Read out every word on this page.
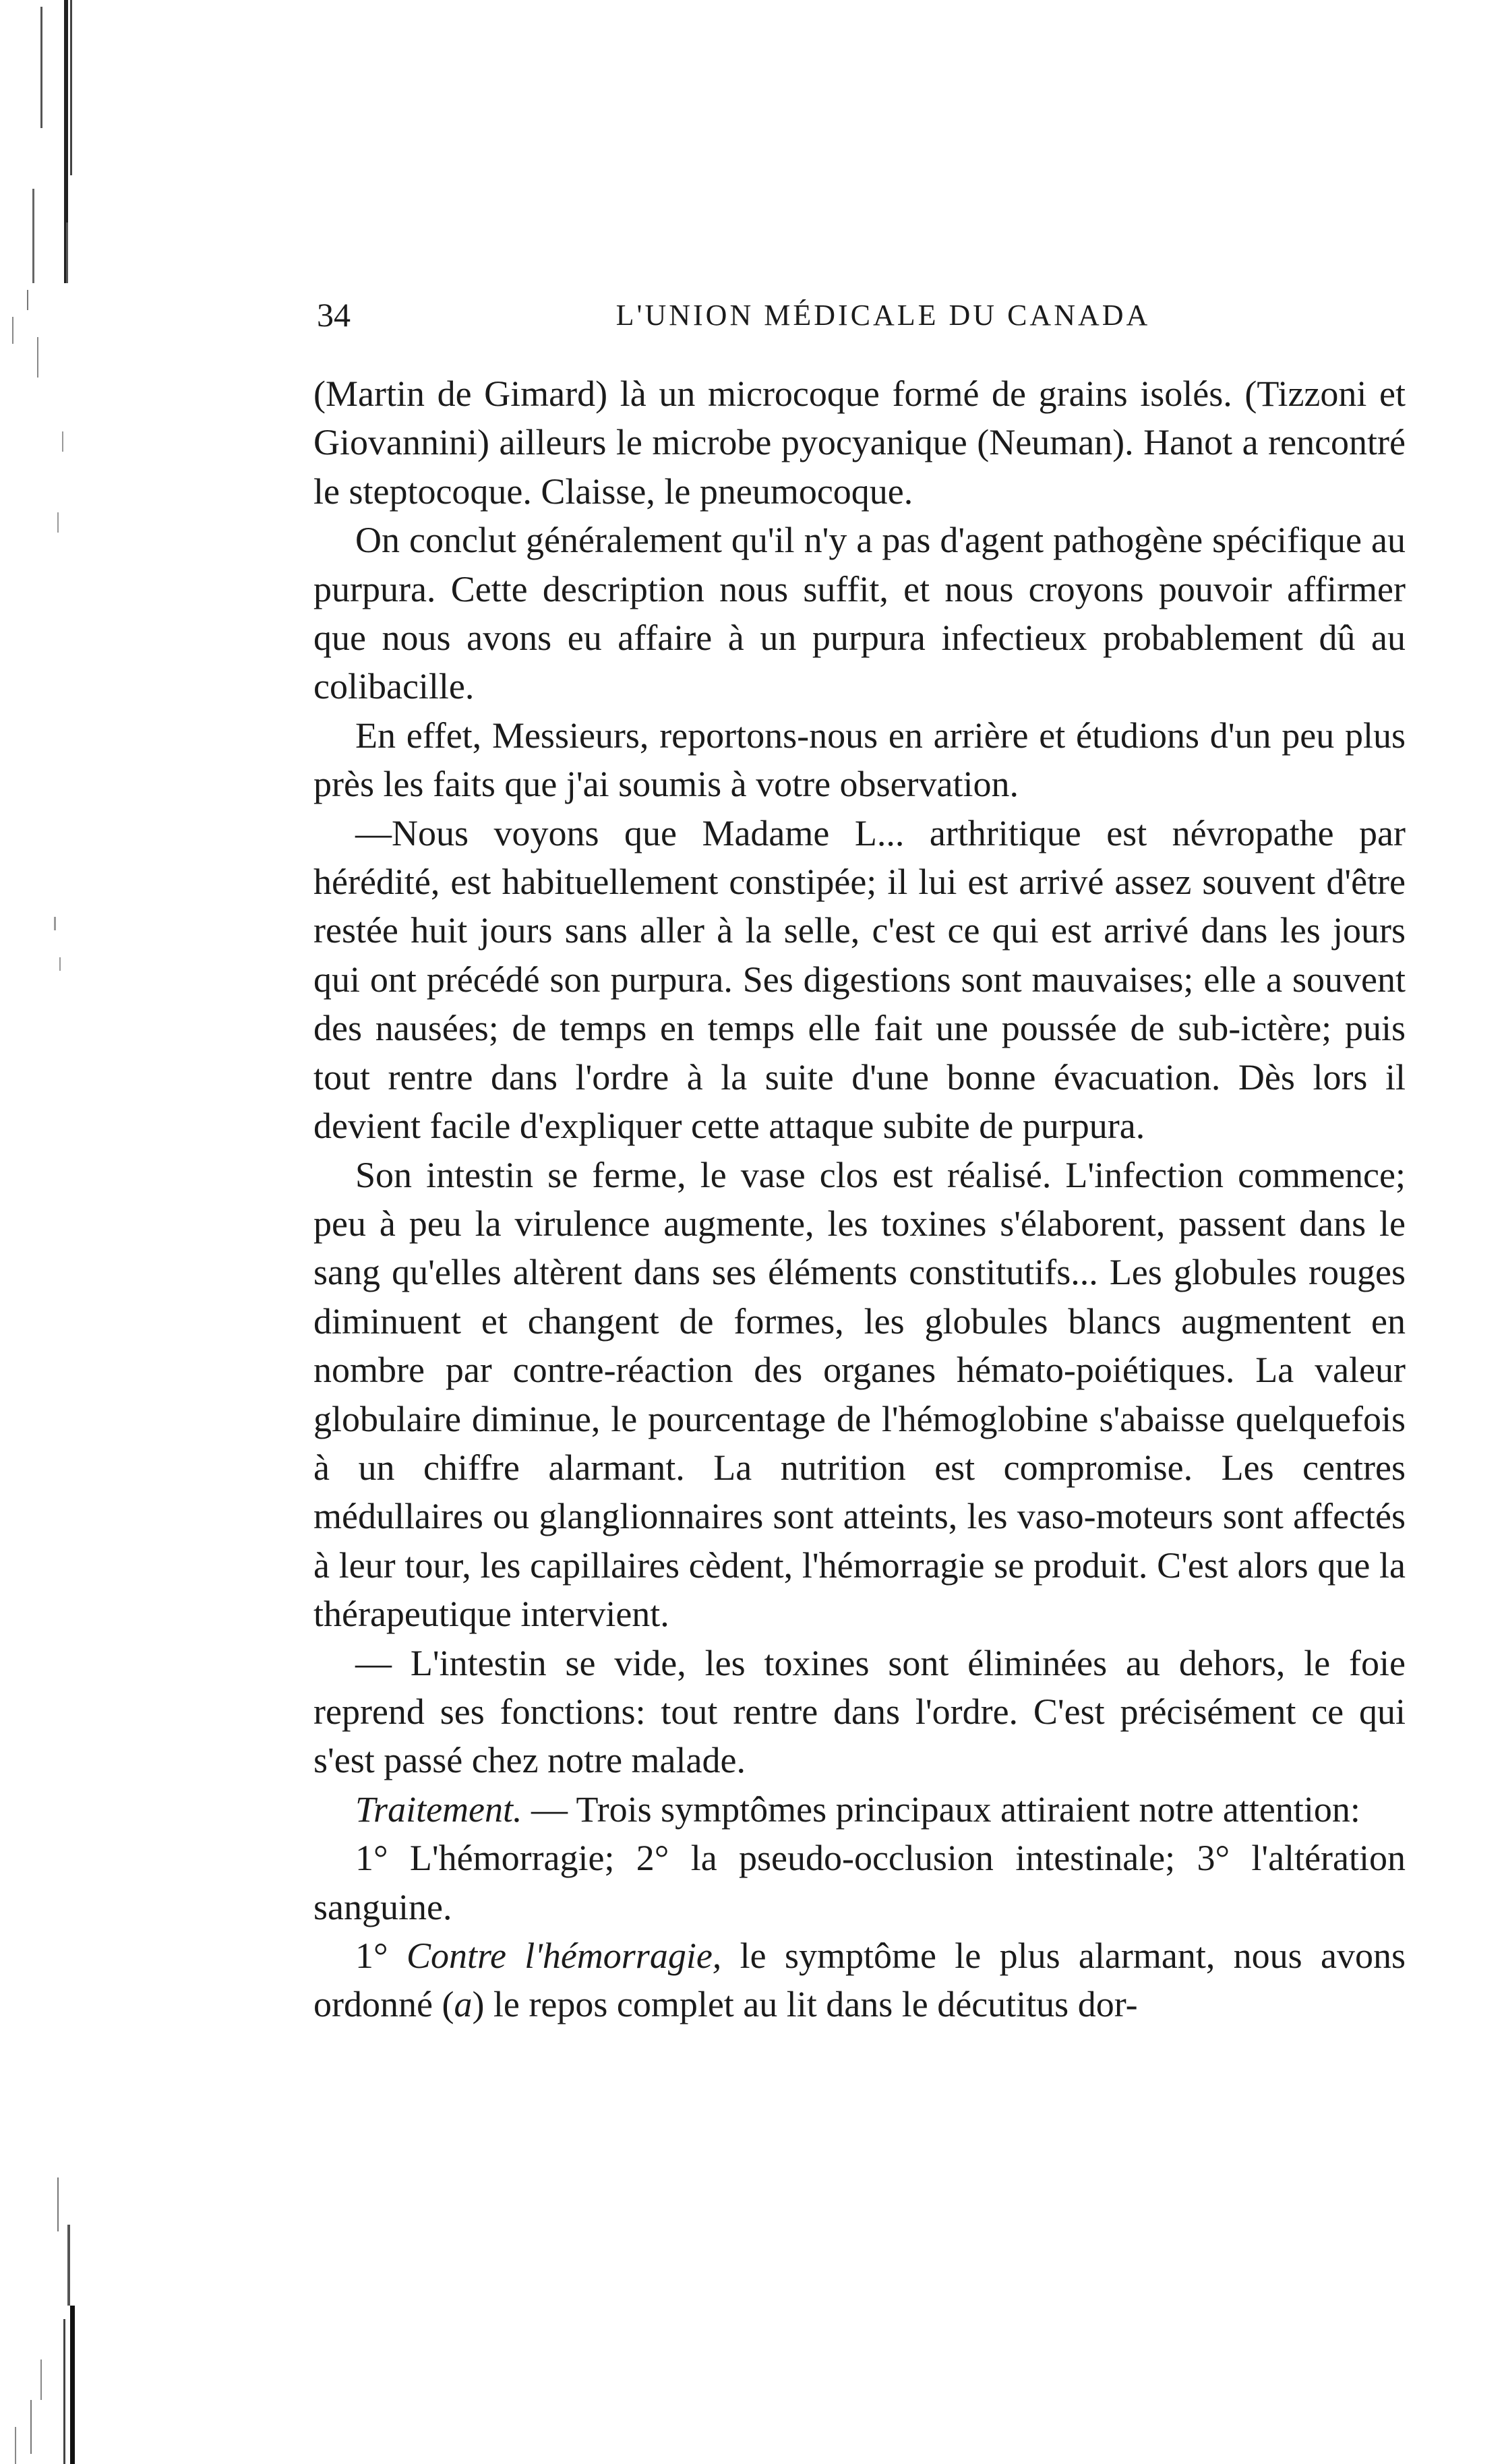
34	L'UNION MÉDICALE DU CANADA

(Martin de Gimard) là un microcoque formé de grains isolés. (Tizzoni et Giovannini) ailleurs le microbe pyocyanique (Neuman). Hanot a rencontré le steptocoque. Claisse, le pneumocoque.

On conclut généralement qu'il n'y a pas d'agent pathogène spécifique au purpura. Cette description nous suffit, et nous croyons pouvoir affirmer que nous avons eu affaire à un purpura infectieux probablement dû au colibacille.

En effet, Messieurs, reportons-nous en arrière et étudions d'un peu plus près les faits que j'ai soumis à votre observation.

—Nous voyons que Madame L... arthritique est névropathe par hérédité, est habituellement constipée; il lui est arrivé assez souvent d'être restée huit jours sans aller à la selle, c'est ce qui est arrivé dans les jours qui ont précédé son purpura. Ses digestions sont mauvaises; elle a souvent des nausées; de temps en temps elle fait une poussée de sub-ictère; puis tout rentre dans l'ordre à la suite d'une bonne évacuation. Dès lors il devient facile d'expliquer cette attaque subite de purpura.

Son intestin se ferme, le vase clos est réalisé. L'infection commence; peu à peu la virulence augmente, les toxines s'élaborent, passent dans le sang qu'elles altèrent dans ses éléments constitutifs... Les globules rouges diminuent et changent de formes, les globules blancs augmentent en nombre par contre-réaction des organes hémato-poiétiques. La valeur globulaire diminue, le pourcentage de l'hémoglobine s'abaisse quelquefois à un chiffre alarmant. La nutrition est compromise. Les centres médullaires ou glanglionnaires sont atteints, les vaso-moteurs sont affectés à leur tour, les capillaires cèdent, l'hémorragie se produit. C'est alors que la thérapeutique intervient.

— L'intestin se vide, les toxines sont éliminées au dehors, le foie reprend ses fonctions: tout rentre dans l'ordre. C'est précisément ce qui s'est passé chez notre malade.

Traitement. — Trois symptômes principaux attiraient notre attention:

1° L'hémorragie; 2° la pseudo-occlusion intestinale; 3° l'altération sanguine.

1° Contre l'hémorragie, le symptôme le plus alarmant, nous avons ordonné (a) le repos complet au lit dans le décutitus dor-
